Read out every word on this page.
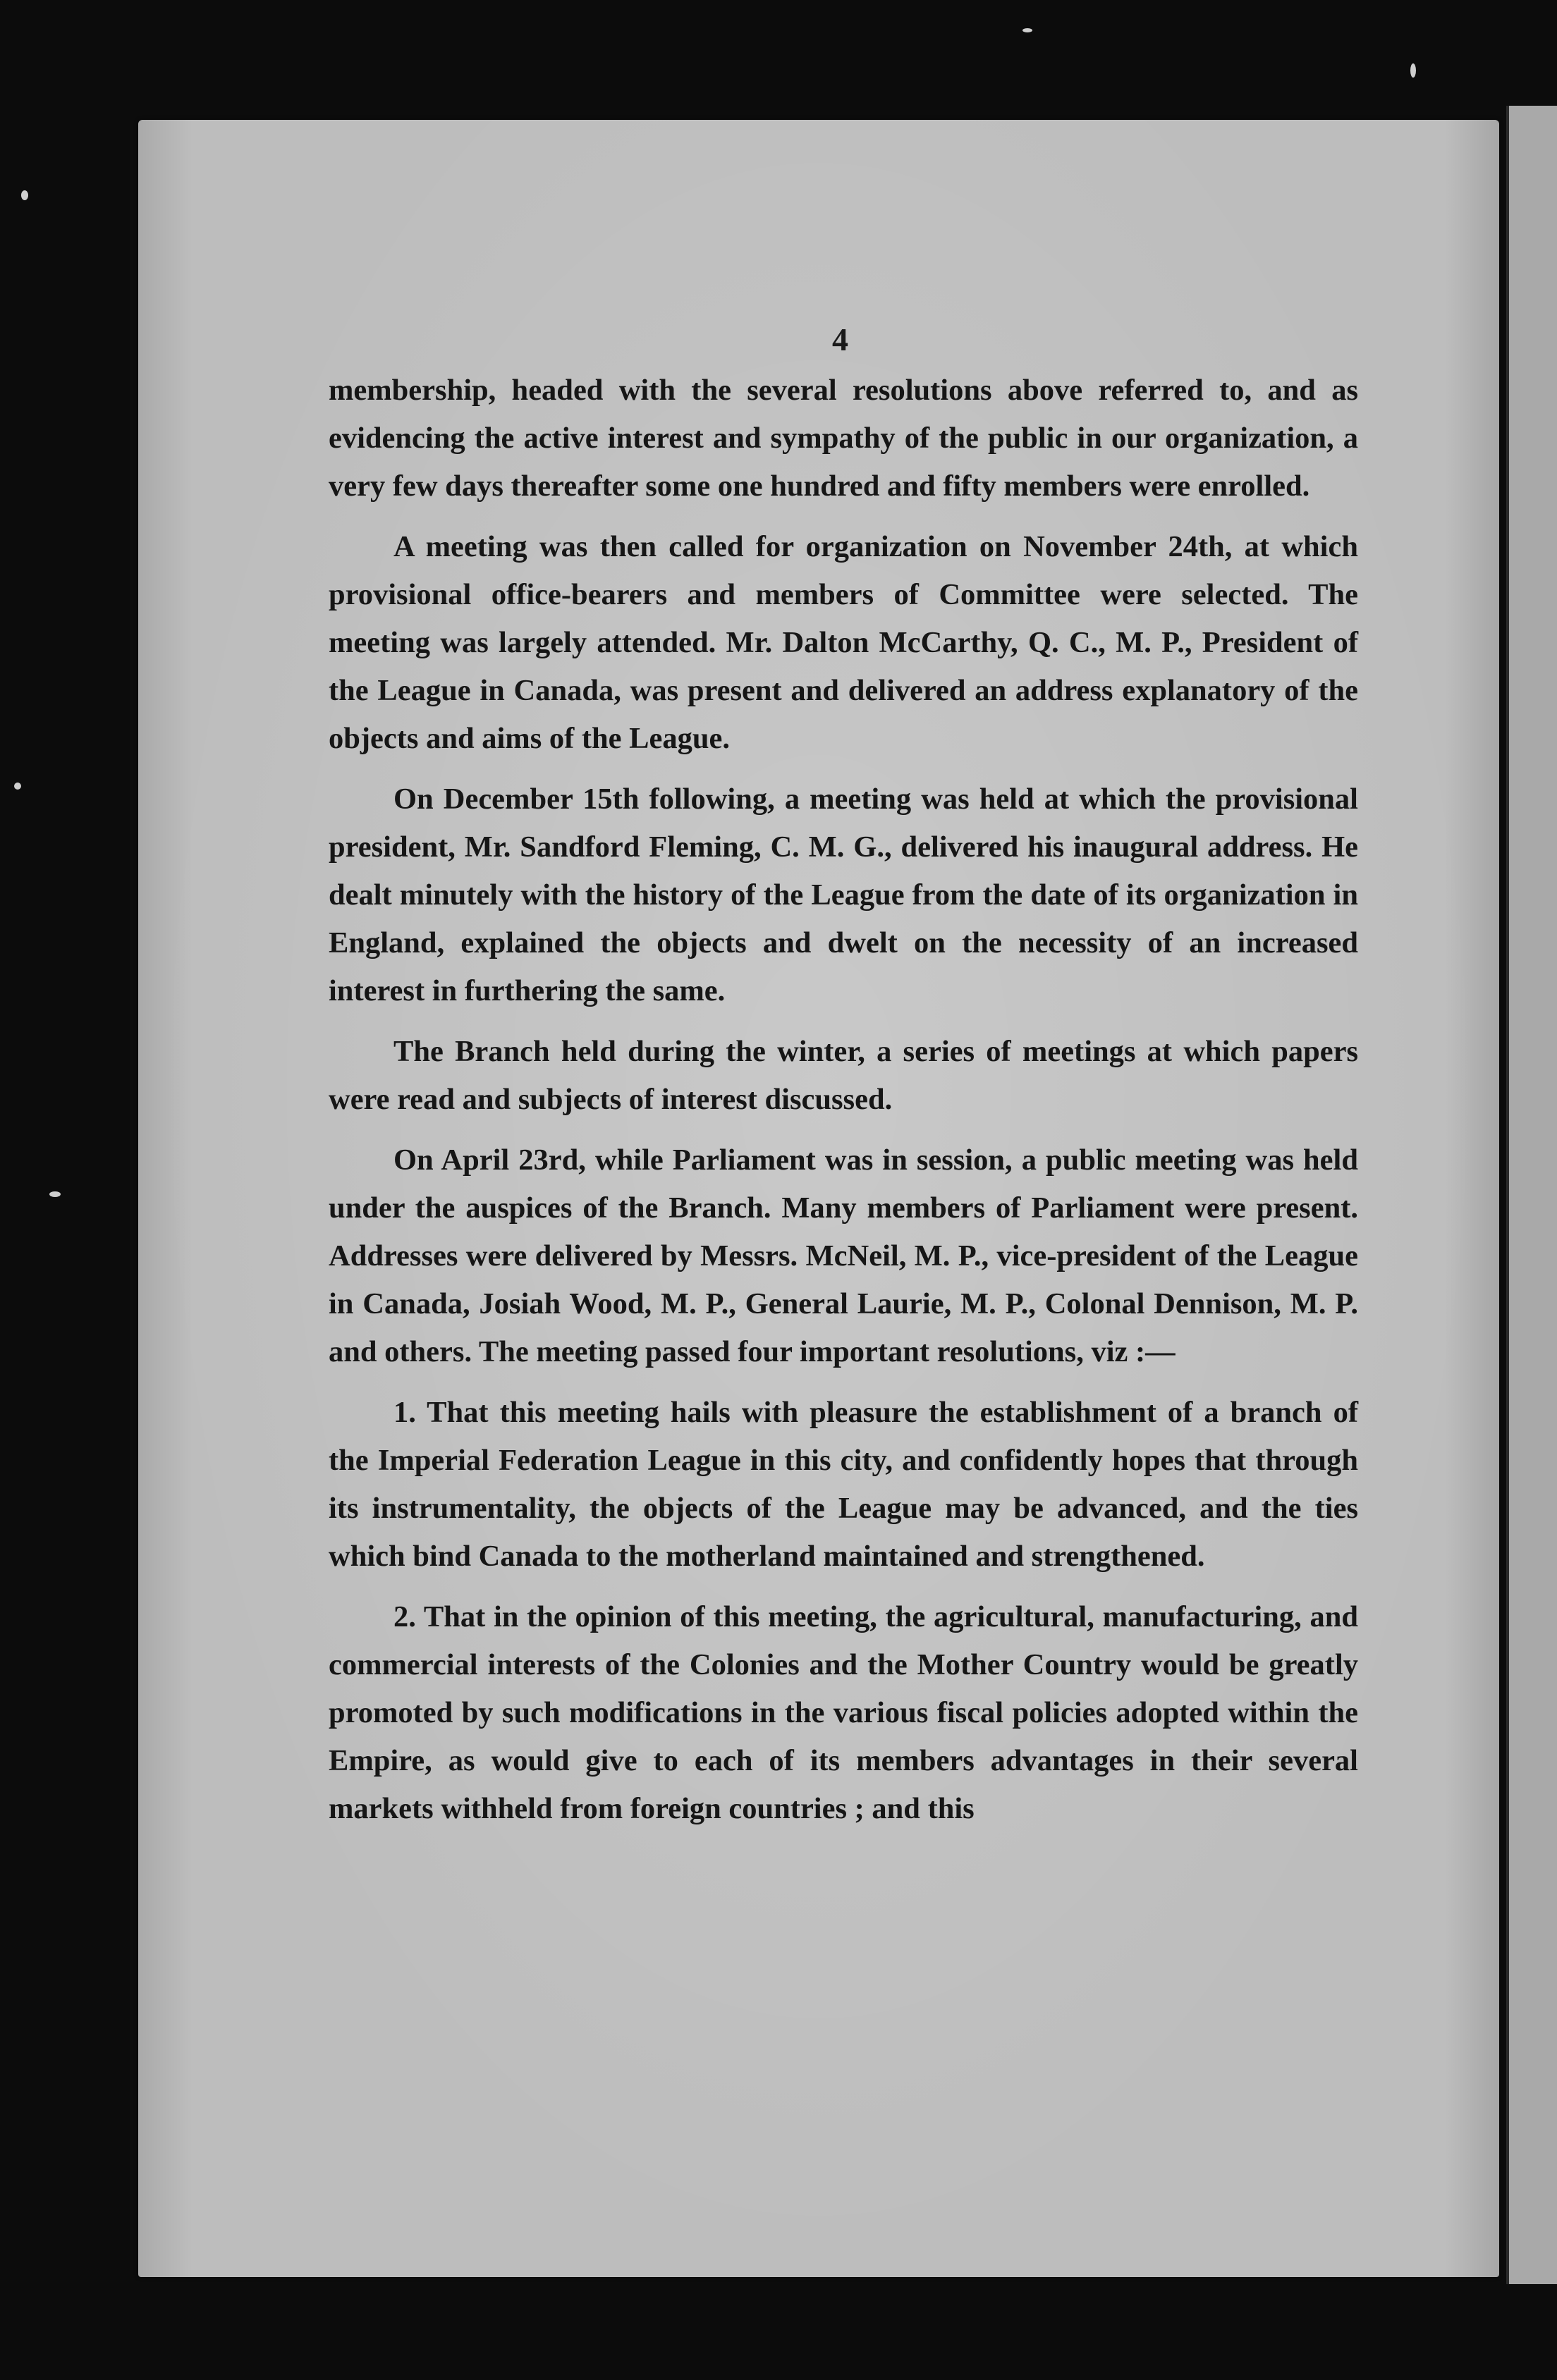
4

membership, headed with the several resolutions above referred to, and as evidencing the active interest and sympathy of the public in our organization, a very few days thereafter some one hundred and fifty members were enrolled.

A meeting was then called for organization on November 24th, at which provisional office-bearers and members of Committee were selected. The meeting was largely attended. Mr. Dalton McCarthy, Q. C., M. P., President of the League in Canada, was present and delivered an address explanatory of the objects and aims of the League.

On December 15th following, a meeting was held at which the provisional president, Mr. Sandford Fleming, C. M. G., delivered his inaugural address. He dealt minutely with the history of the League from the date of its organization in England, explained the objects and dwelt on the necessity of an increased interest in furthering the same.

The Branch held during the winter, a series of meetings at which papers were read and subjects of interest discussed.

On April 23rd, while Parliament was in session, a public meeting was held under the auspices of the Branch. Many members of Parliament were present. Addresses were delivered by Messrs. McNeil, M. P., vice-president of the League in Canada, Josiah Wood, M. P., General Laurie, M. P., Colonal Dennison, M. P. and others. The meeting passed four important resolutions, viz :—

1. That this meeting hails with pleasure the establishment of a branch of the Imperial Federation League in this city, and confidently hopes that through its instrumentality, the objects of the League may be advanced, and the ties which bind Canada to the motherland maintained and strengthened.

2. That in the opinion of this meeting, the agricultural, manufacturing, and commercial interests of the Colonies and the Mother Country would be greatly promoted by such modifications in the various fiscal policies adopted within the Empire, as would give to each of its members advantages in their several markets withheld from foreign countries ; and this
